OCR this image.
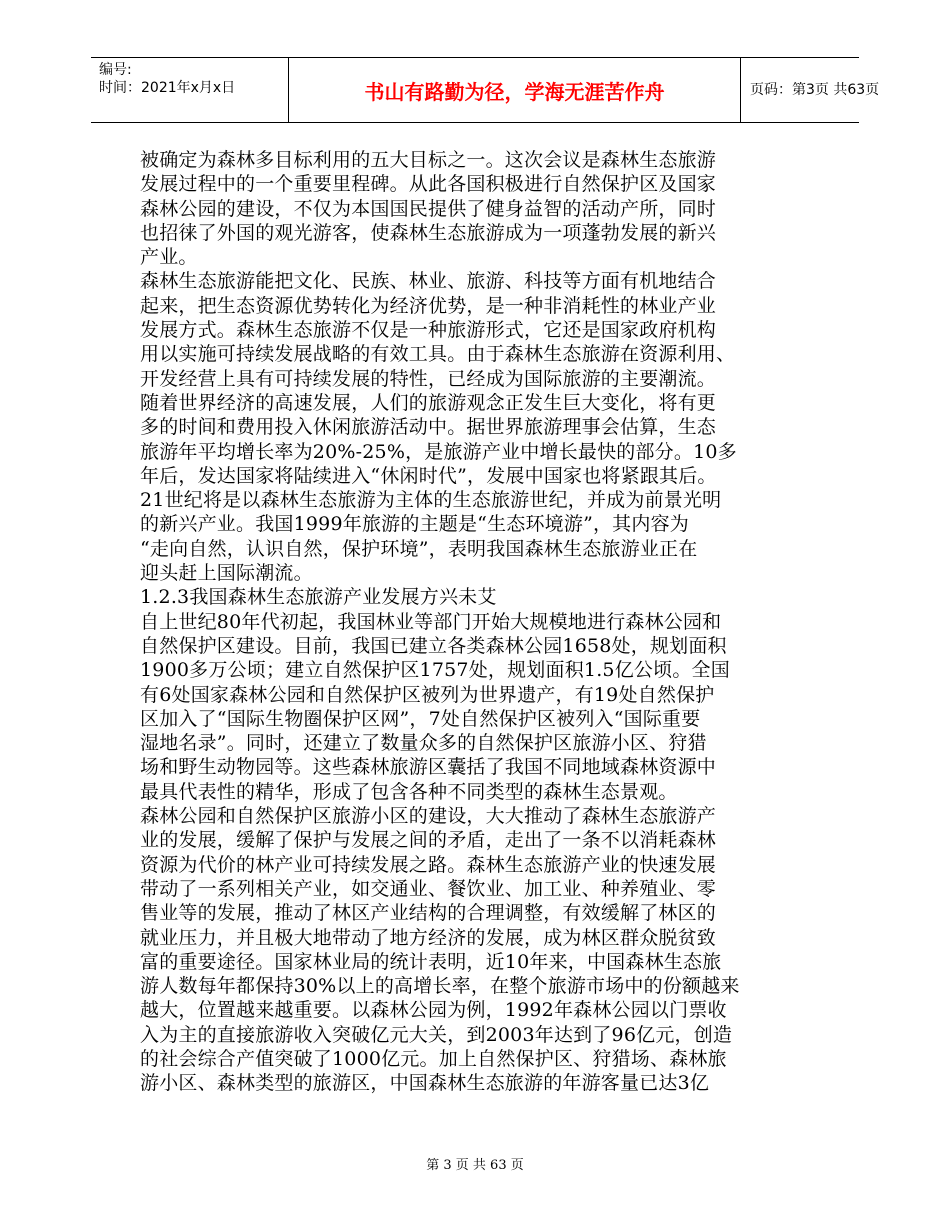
编号:
时间：2021年x月x日	书山有路勤为径，学海无涯苦作舟	页码：第3页 共63页
被确定为森林多目标利用的五大目标之一。这次会议是森林生态旅游
发展过程中的一个重要里程碑。从此各国积极进行自然保护区及国家
森林公园的建设，不仅为本国国民提供了健身益智的活动产所，同时
也招徕了外国的观光游客，使森林生态旅游成为一项蓬勃发展的新兴
产业。
森林生态旅游能把文化、民族、林业、旅游、科技等方面有机地结合
起来，把生态资源优势转化为经济优势，是一种非消耗性的林业产业
发展方式。森林生态旅游不仅是一种旅游形式，它还是国家政府机构
用以实施可持续发展战略的有效工具。由于森林生态旅游在资源利用、
开发经营上具有可持续发展的特性，已经成为国际旅游的主要潮流。
随着世界经济的高速发展，人们的旅游观念正发生巨大变化，将有更
多的时间和费用投入休闲旅游活动中。据世界旅游理事会估算，生态
旅游年平均增长率为20%-25%，是旅游产业中增长最快的部分。10多
年后，发达国家将陆续进入“休闲时代”，发展中国家也将紧跟其后。
21世纪将是以森林生态旅游为主体的生态旅游世纪，并成为前景光明
的新兴产业。我国1999年旅游的主题是“生态环境游”，其内容为
“走向自然，认识自然，保护环境”，表明我国森林生态旅游业正在
迎头赶上国际潮流。
1.2.3我国森林生态旅游产业发展方兴未艾
自上世纪80年代初起，我国林业等部门开始大规模地进行森林公园和
自然保护区建设。目前，我国已建立各类森林公园1658处，规划面积
1900多万公顷；建立自然保护区1757处，规划面积1.5亿公顷。全国
有6处国家森林公园和自然保护区被列为世界遗产，有19处自然保护
区加入了“国际生物圈保护区网”，7处自然保护区被列入“国际重要
湿地名录”。同时，还建立了数量众多的自然保护区旅游小区、狩猎
场和野生动物园等。这些森林旅游区囊括了我国不同地域森林资源中
最具代表性的精华，形成了包含各种不同类型的森林生态景观。
森林公园和自然保护区旅游小区的建设，大大推动了森林生态旅游产
业的发展，缓解了保护与发展之间的矛盾，走出了一条不以消耗森林
资源为代价的林产业可持续发展之路。森林生态旅游产业的快速发展
带动了一系列相关产业，如交通业、餐饮业、加工业、种养殖业、零
售业等的发展，推动了林区产业结构的合理调整，有效缓解了林区的
就业压力，并且极大地带动了地方经济的发展，成为林区群众脱贫致
富的重要途径。国家林业局的统计表明，近10年来，中国森林生态旅
游人数每年都保持30%以上的高增长率，在整个旅游市场中的份额越来
越大，位置越来越重要。以森林公园为例，1992年森林公园以门票收
入为主的直接旅游收入突破亿元大关，到2003年达到了96亿元，创造
的社会综合产值突破了1000亿元。加上自然保护区、狩猎场、森林旅
游小区、森林类型的旅游区，中国森林生态旅游的年游客量已达3亿
第 3 页 共 63 页
